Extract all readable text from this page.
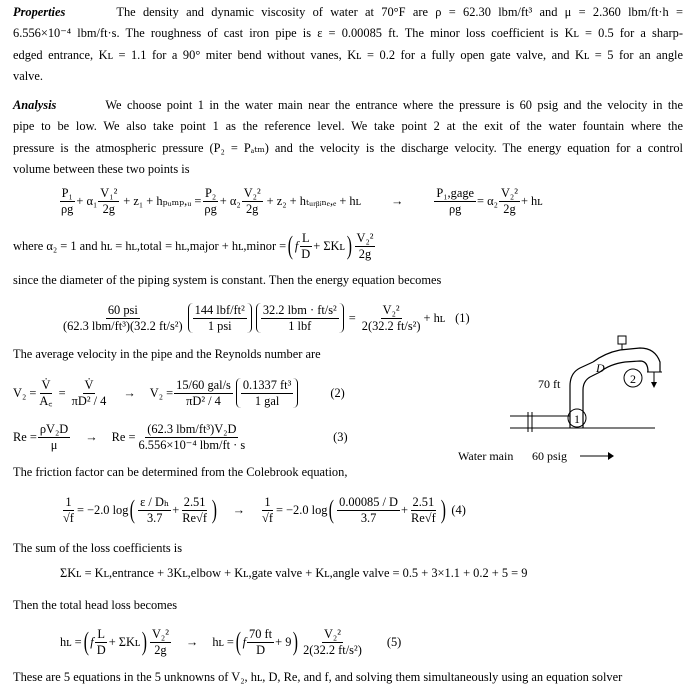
Properties	The density and dynamic viscosity of water at 70°F are ρ = 62.30 lbm/ft³ and μ = 2.360 lbm/ft·h =
6.556×10⁻⁴ lbm/ft·s. The roughness of cast iron pipe is ε = 0.00085 ft. The minor loss coefficient is Kʟ = 0.5 for a sharp-
edged entrance, Kʟ = 1.1 for a 90° miter bend without vanes, Kʟ = 0.2 for a fully open gate valve, and Kʟ = 5 for an angle
valve.
Analysis	We choose point 1 in the water main near the entrance where the pressure is 60 psig and the velocity in the
pipe to be low. We also take point 1 as the reference level. We take point 2 at the exit of the water fountain where the
pressure is the atmospheric pressure (P₂ = Pₐₜₘ) and the velocity is the discharge velocity. The energy equation for a control
volume between these two points is
$\frac{\text{P₁}}{\rho g} + \alpha_1 \frac{\text{V₁²}}{2g} + z_1$ + hₚᵤₘₚ,ᵤ = $\frac{\text{P₂}}{\rho g} + \alpha_2 \frac{\text{V₂²}}{2g} + z_2$ + hₜᵤᵣᵦᵢₙₑ,ₑ + hʟ →	$\frac{\text{P₁,gage}}{\rho g} = \alpha_2 \frac{\text{V₂²}}{2g}$ + hʟ
where α₂ = 1 and hʟ = hʟ,total = hʟ,major + hʟ,minor = ( f $\frac{L}{D}$ + ΣKʟ ) $\frac{\text{V₂²}}{2g}$
since the diameter of the piping system is constant. Then the energy equation becomes
$\frac{\text{60 psi}}{\text{(62.3 lbm/ft³)(32.2 ft/s²)}} \frac{\text{144 lbf/ft²}}{\text{1 psi}} \frac{\text{32.2 lbm · ft/s²}}{\text{1 lbf}} = \frac{\text{V₂²}}{\text{2(32.2 ft/s²)}}$ + hʟ (1)
The average velocity in the pipe and the Reynolds number are
$V_2 = \frac{V̇}{A꜀} = \frac{V̇}{\text{πD² / 4}} \to V_2 = \frac{\text{15/60 gal/s}}{\text{πD² / 4}} \frac{\text{0.1337 ft³}}{\text{1 gal}}$	(2)
$Re = \frac{\text{ρV₂D}}{\mu} \to Re = \frac{\text{(62.3 lbm/ft³)V₂D}}{\text{6.556×10⁻⁴ lbm/ft · s}}$	(3)
The friction factor can be determined from the Colebrook equation,
$\frac{1}{√f} = -2.0$ log ( $\frac{\text{ε / Dₕ}}{3.7} + \frac{2.51}{Re√f}$ ) → $\frac{1}{√f} = -2.0$ log ( $\frac{0.00085 / D}{3.7} + \frac{2.51}{Re√f}$ ) (4)
The sum of the loss coefficients is
ΣKʟ = Kʟ,entrance + 3Kʟ,elbow + Kʟ,gate valve + Kʟ,angle valve = 0.5 + 3×1.1 + 0.2 + 5 = 9
Then the total head loss becomes
hʟ = ( f $\frac{L}{D}$ + ΣKʟ ) $\frac{\text{V₂²}}{2g}$ → hʟ = ( f $\frac{70 ft}{D} + 9$ ) $\frac{\text{V₂²}}{\text{2(32.2 ft/s²)}} (5)$
These are 5 equations in the 5 unknowns of V₂, hʟ, D, Re, and f, and solving them simultaneously using an equation solver
2
D
70 ft
1
Water main 60 psig
